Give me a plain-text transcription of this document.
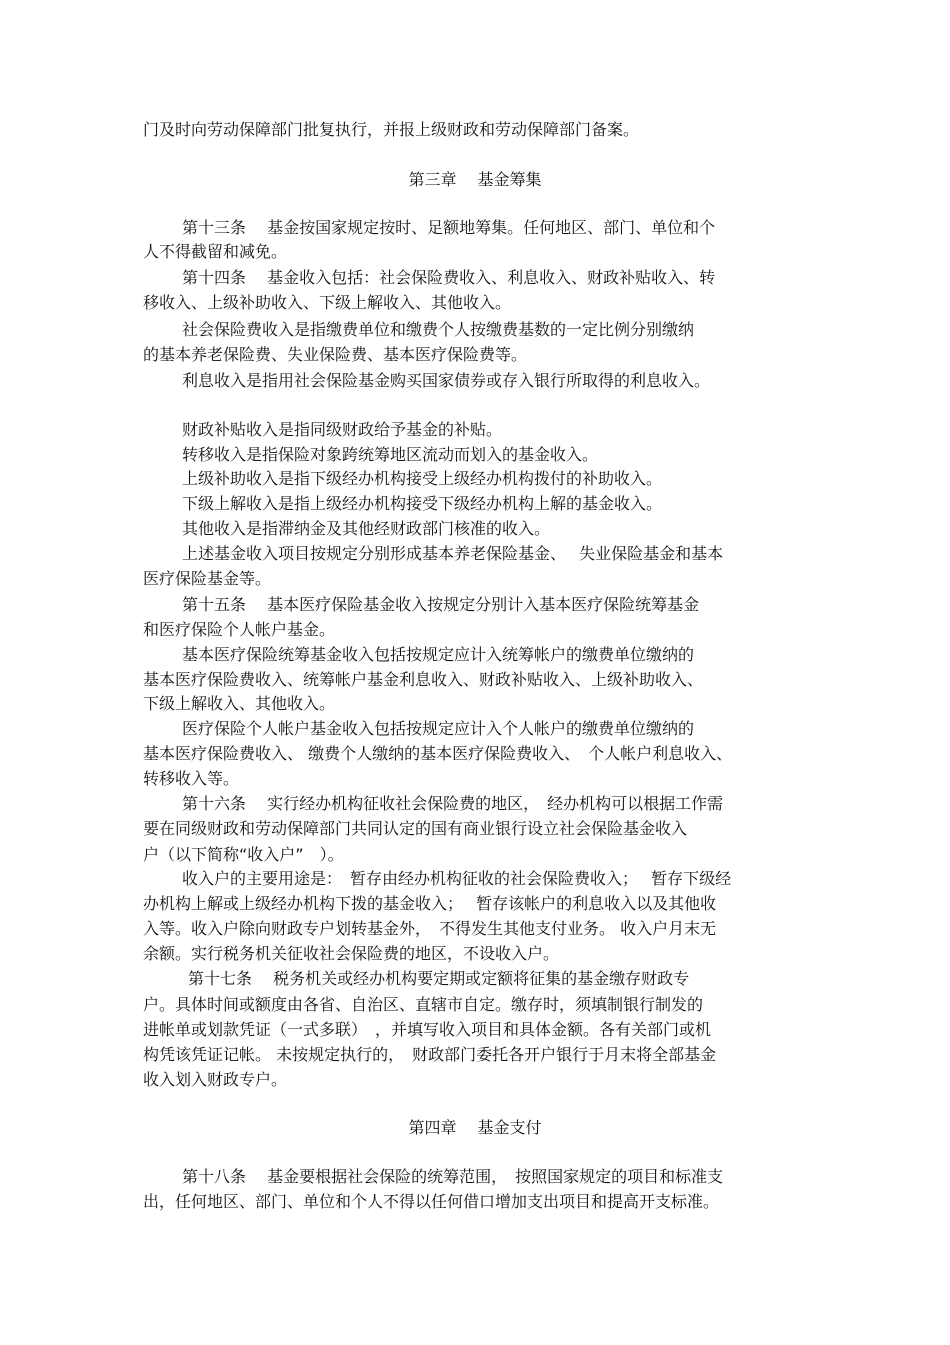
门及时向劳动保障部门批复执行，并报上级财政和劳动保障部门备案。
第三章　 基金筹集
第十三条　 基金按国家规定按时、足额地筹集。任何地区、部门、单位和个
人不得截留和减免。
第十四条　 基金收入包括：社会保险费收入、利息收入、财政补贴收入、转
移收入、上级补助收入、下级上解收入、其他收入。
社会保险费收入是指缴费单位和缴费个人按缴费基数的一定比例分别缴纳
的基本养老保险费、失业保险费、基本医疗保险费等。
利息收入是指用社会保险基金购买国家债券或存入银行所取得的利息收入。
财政补贴收入是指同级财政给予基金的补贴。
转移收入是指保险对象跨统筹地区流动而划入的基金收入。
上级补助收入是指下级经办机构接受上级经办机构拨付的补助收入。
下级上解收入是指上级经办机构接受下级经办机构上解的基金收入。
其他收入是指滞纳金及其他经财政部门核准的收入。
上述基金收入项目按规定分别形成基本养老保险基金、　 失业保险基金和基本
医疗保险基金等。
第十五条　 基本医疗保险基金收入按规定分别计入基本医疗保险统筹基金
和医疗保险个人帐户基金。
基本医疗保险统筹基金收入包括按规定应计入统筹帐户的缴费单位缴纳的
基本医疗保险费收入、统筹帐户基金利息收入、财政补贴收入、上级补助收入、
下级上解收入、其他收入。
医疗保险个人帐户基金收入包括按规定应计入个人帐户的缴费单位缴纳的
基本医疗保险费收入、 缴费个人缴纳的基本医疗保险费收入、　个人帐户利息收入、
转移收入等。
第十六条　 实行经办机构征收社会保险费的地区，　经办机构可以根据工作需
要在同级财政和劳动保障部门共同认定的国有商业银行设立社会保险基金收入
户（以下简称“收入户”　）。
收入户的主要用途是：　暂存由经办机构征收的社会保险费收入；　 暂存下级经
办机构上解或上级经办机构下拨的基金收入；　 暂存该帐户的利息收入以及其他收
入等。收入户除向财政专户划转基金外，　不得发生其他支付业务。 收入户月末无
余额。实行税务机关征收社会保险费的地区，不设收入户。
第十七条　 税务机关或经办机构要定期或定额将征集的基金缴存财政专
户。具体时间或额度由各省、自治区、直辖市自定。缴存时，须填制银行制发的
进帐单或划款凭证（一式多联）　，并填写收入项目和具体金额。各有关部门或机
构凭该凭证记帐。 未按规定执行的，　财政部门委托各开户银行于月末将全部基金
收入划入财政专户。
第四章　 基金支付
第十八条　 基金要根据社会保险的统筹范围，　按照国家规定的项目和标准支
出，任何地区、部门、单位和个人不得以任何借口增加支出项目和提高开支标准。
